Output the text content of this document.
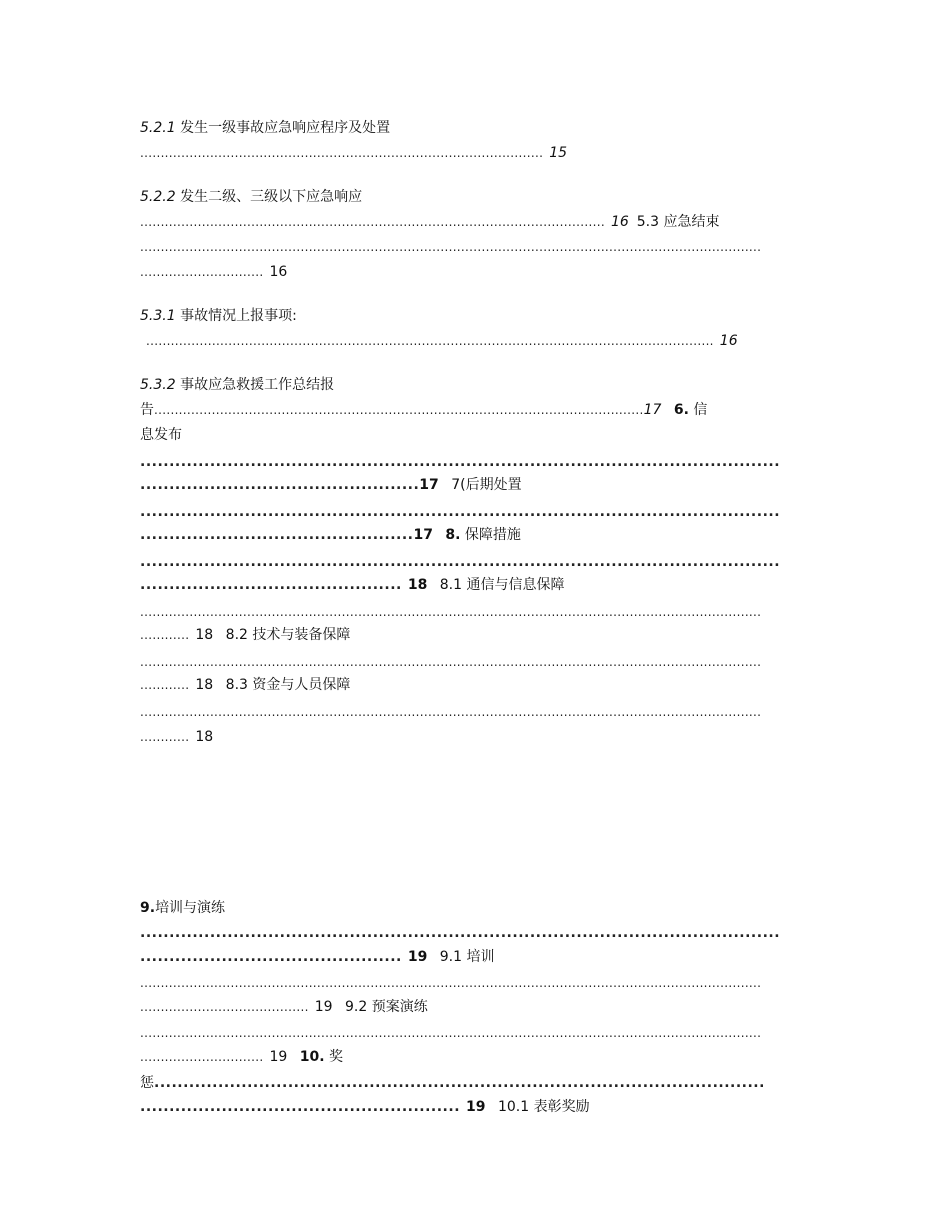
5.2.1 发生一级事故应急响应程序及处置
.................................................................................................. 15
5.2.2 发生二级、三级以下应急响应
................................................................................................................. 16 5.3 应急结束
.......................................................................................................................................................
.............................. 16
5.3.1 事故情况上报事项:
.......................................................................................................................................... 16
5.3.2 事故应急救援工作总结报
告.......................................................................................................................17 6. 信
息发布
..............................................................................................................
................................................17 7(后期处置
..............................................................................................................
...............................................17 8. 保障措施
..............................................................................................................
............................................. 18 8.1 通信与信息保障
.......................................................................................................................................................
............ 18 8.2 技术与装备保障
.......................................................................................................................................................
............ 18 8.3 资金与人员保障
.......................................................................................................................................................
............ 18
9.培训与演练
..............................................................................................................
............................................. 19 9.1 培训
.......................................................................................................................................................
......................................... 19 9.2 预案演练
.......................................................................................................................................................
.............................. 19 10. 奖
惩.........................................................................................................
....................................................... 19 10.1 表彰奖励
